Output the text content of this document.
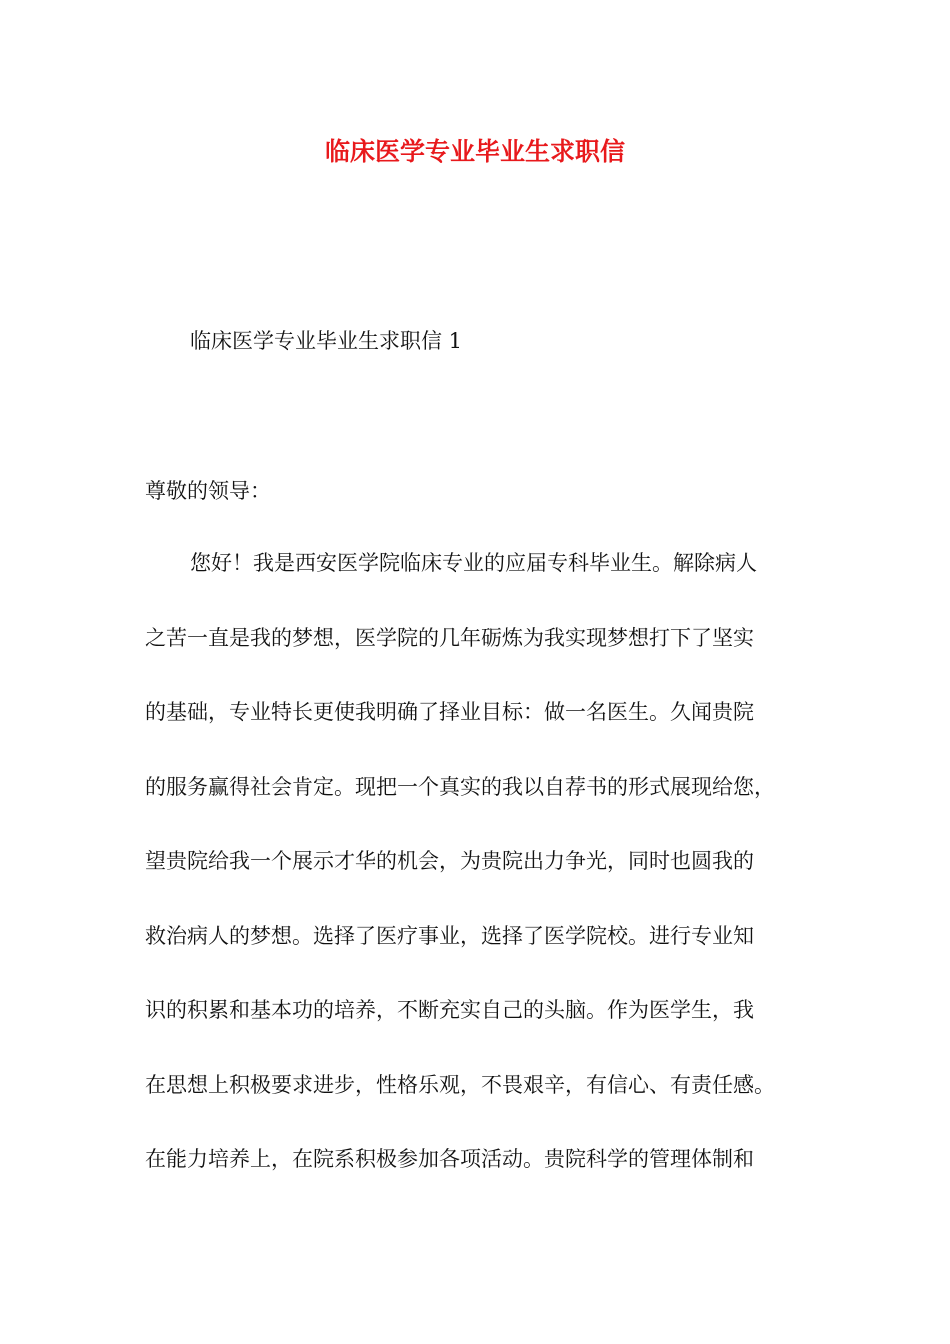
临床医学专业毕业生求职信
临床医学专业毕业生求职信 1
尊敬的领导：
您好！我是西安医学院临床专业的应届专科毕业生。解除病人
之苦一直是我的梦想，医学院的几年砺炼为我实现梦想打下了坚实
的基础，专业特长更使我明确了择业目标：做一名医生。久闻贵院
的服务赢得社会肯定。现把一个真实的我以自荐书的形式展现给您，
望贵院给我一个展示才华的机会，为贵院出力争光，同时也圆我的
救治病人的梦想。选择了医疗事业，选择了医学院校。进行专业知
识的积累和基本功的培养，不断充实自己的头脑。作为医学生，我
在思想上积极要求进步，性格乐观，不畏艰辛，有信心、有责任感。
在能力培养上，在院系积极参加各项活动。贵院科学的管理体制和
